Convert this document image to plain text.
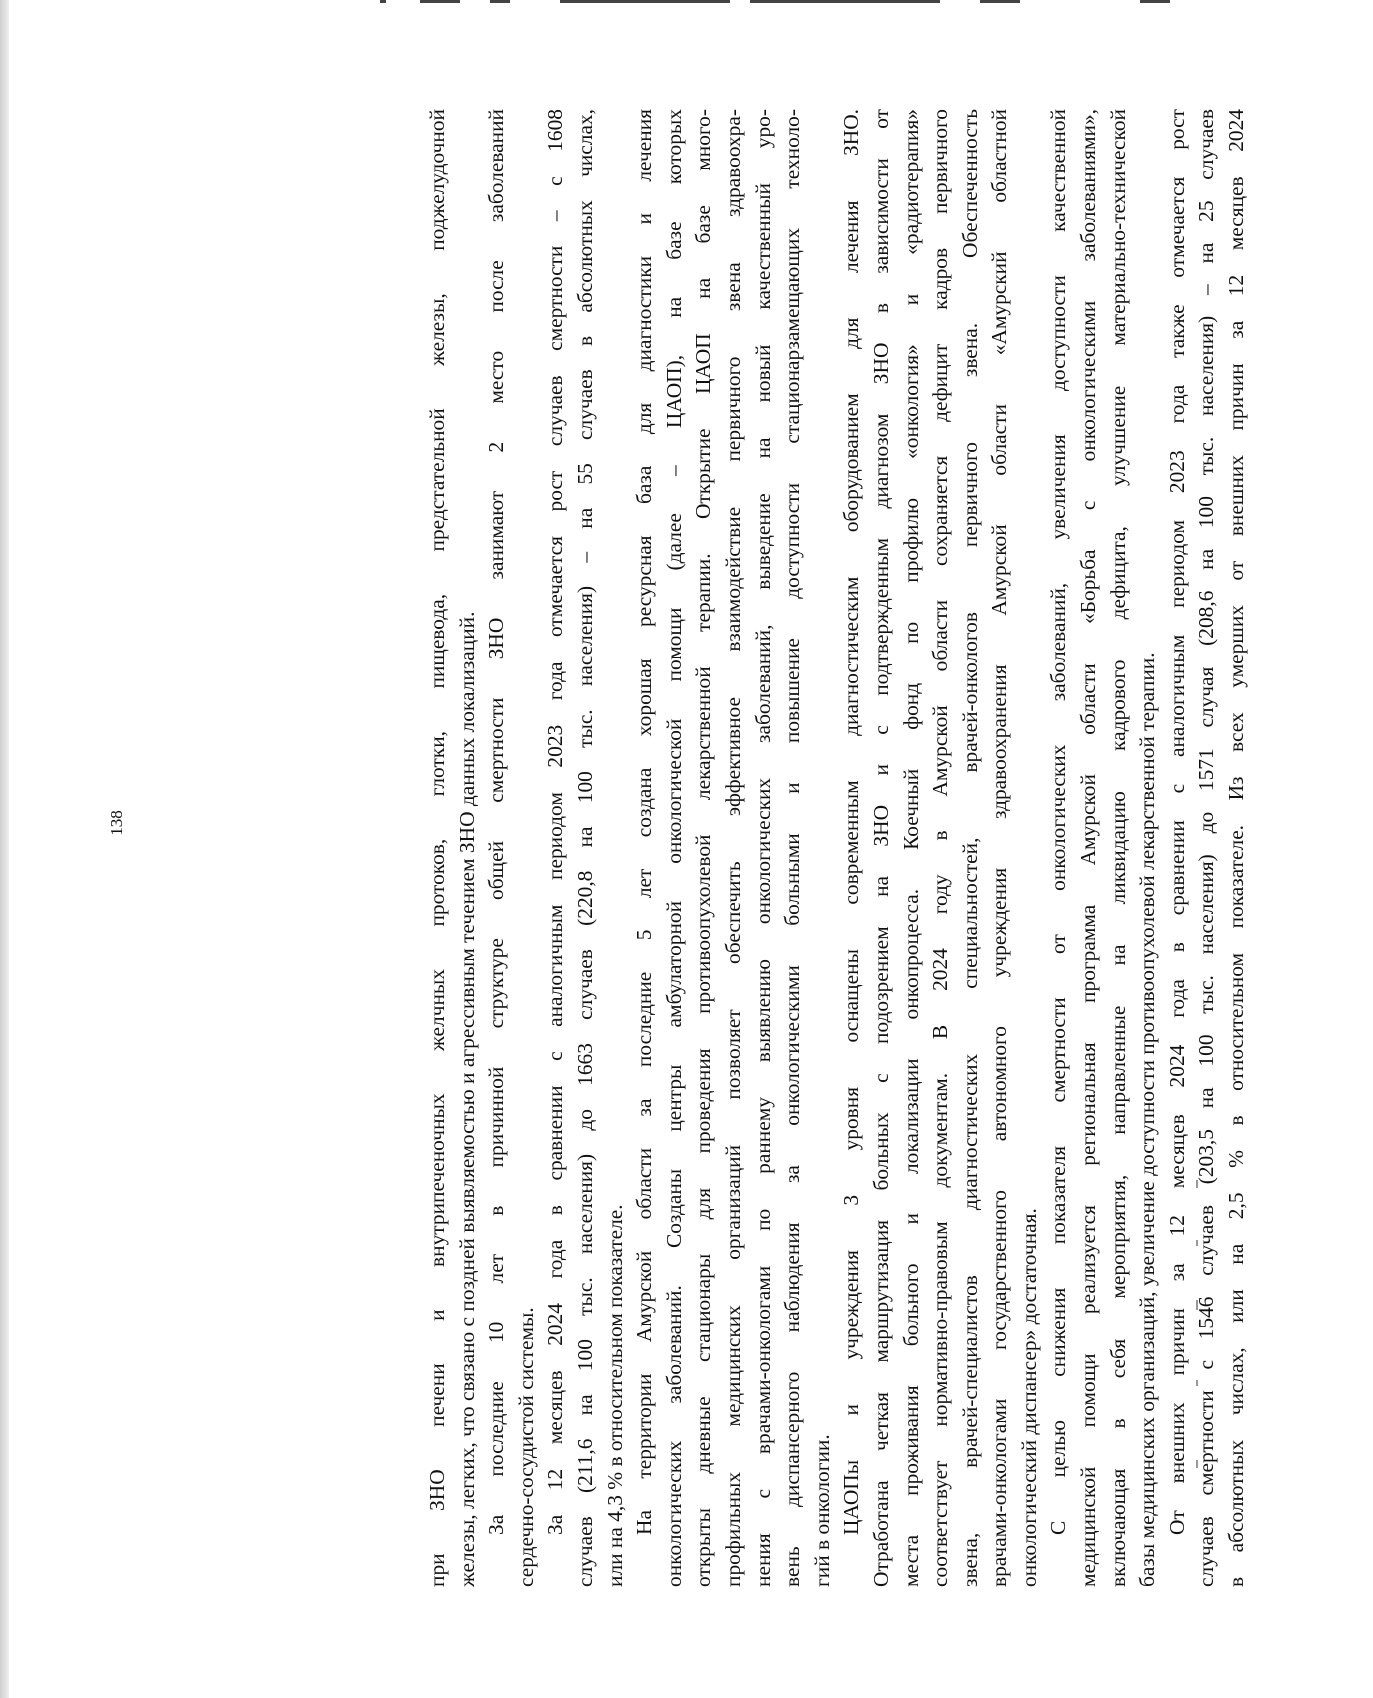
138	при ЗНО печени и внутрипеченочных желчных протоков, глотки, пищевода, предстательной железы, поджелудочной железы, легких, что связано с поздней выявляемостью и агрессивным течением ЗНО данных локализаций. За последние 10 лет в причинной структуре общей смертности ЗНО занимают 2 место после заболеваний сердечно-сосудистой системы. За 12 месяцев 2024 года в сравнении с аналогичным периодом 2023 года отмечается рост случаев смертности – с 1608 случаев (211,6 на 100 тыс. населения) до 1663 случаев (220,8 на 100 тыс. населения) – на 55 случаев в абсолютных числах, или на 4,3 % в относительном показателе. На территории Амурской области за последние 5 лет создана хорошая ресурсная база для диагностики и лечения онкологических заболеваний. Созданы центры амбулаторной онкологической помощи (далее – ЦАОП), на базе которых открыты дневные стационары для проведения противоопухолевой лекарственной терапии. Открытие ЦАОП на базе много- профильных медицинских организаций позволяет обеспечить эффективное взаимодействие первичного звена здравоохра- нения с врачами-онкологами по раннему выявлению онкологических заболеваний, выведение на новый качественный уро- вень диспансерного наблюдения за онкологическими больными и повышение доступности стационарзамещающих техноло- гий в онкологии. ЦАОПы и учреждения 3 уровня оснащены современным диагностическим оборудованием для лечения ЗНО. Отработана четкая маршрутизация больных с подозрением на ЗНО и с подтвержденным диагнозом ЗНО в зависимости от места проживания больного и локализации онкопроцесса. Коечный фонд по профилю «онкология» и «радиотерапия» соответствует нормативно-правовым документам. В 2024 году в Амурской области сохраняется дефицит кадров первичного звена, врачей-специалистов диагностических специальностей, врачей-онкологов первичного звена. Обеспеченность врачами-онкологами государственного автономного учреждения здравоохранения Амурской области «Амурский областной онкологический диспансер» достаточная. С целью снижения показателя смертности от онкологических заболеваний, увеличения доступности качественной медицинской помощи реализуется региональная программа Амурской области «Борьба с онкологическими заболеваниями», включающая в себя мероприятия, направленные на ликвидацию кадрового дефицита, улучшение материально-технической базы медицинских организаций, увеличение доступности противоопухолевой лекарственной терапии. От внешних причин за 12 месяцев 2024 года в сравнении с аналогичным периодом 2023 года также отмечается рост случаев смертности с 1546 случаев (203,5 на 100 тыс. населения) до 1571 случая (208,6 на 100 тыс. населения) – на 25 случаев в абсолютных числах, или на 2,5 % в относительном показателе. Из всех умерших от внешних причин за 12 месяцев 2024
